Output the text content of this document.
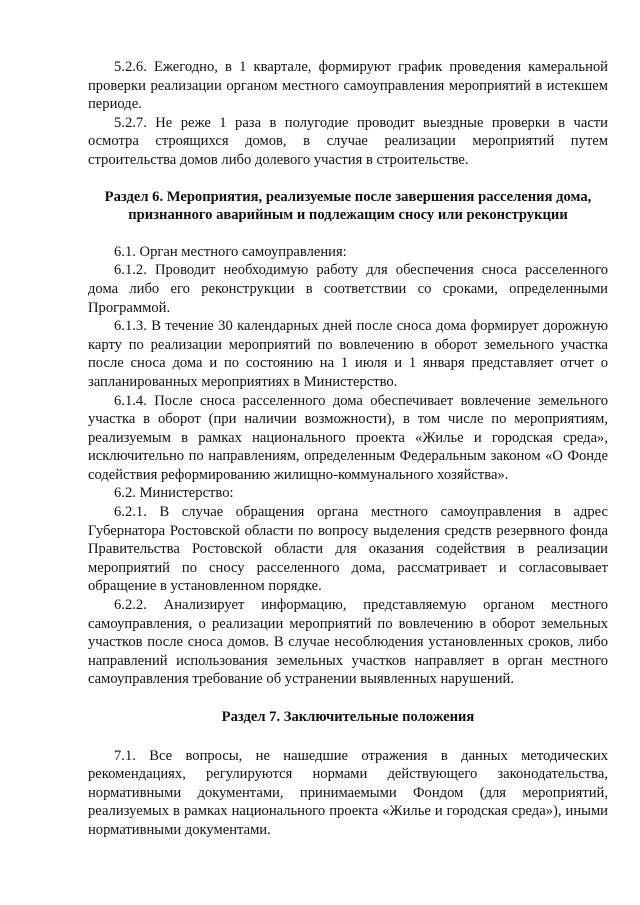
5.2.6. Ежегодно, в 1 квартале, формируют график проведения камеральной проверки реализации органом местного самоуправления мероприятий в истекшем периоде.

5.2.7. Не реже 1 раза в полугодие проводит выездные проверки в части осмотра строящихся домов, в случае реализации мероприятий путем строительства домов либо долевого участия в строительстве.

Раздел 6. Мероприятия, реализуемые после завершения расселения дома, признанного аварийным и подлежащим сносу или реконструкции

6.1. Орган местного самоуправления:

6.1.2. Проводит необходимую работу для обеспечения сноса расселенного дома либо его реконструкции в соответствии со сроками, определенными Программой.

6.1.3. В течение 30 календарных дней после сноса дома формирует дорожную карту по реализации мероприятий по вовлечению в оборот земельного участка после сноса дома и по состоянию на 1 июля и 1 января представляет отчет о запланированных мероприятиях в Министерство.

6.1.4. После сноса расселенного дома обеспечивает вовлечение земельного участка в оборот (при наличии возможности), в том числе по мероприятиям, реализуемым в рамках национального проекта «Жилье и городская среда», исключительно по направлениям, определенным Федеральным законом «О Фонде содействия реформированию жилищно-коммунального хозяйства».

6.2. Министерство:

6.2.1. В случае обращения органа местного самоуправления в адрес Губернатора Ростовской области по вопросу выделения средств резервного фонда Правительства Ростовской области для оказания содействия в реализации мероприятий по сносу расселенного дома, рассматривает и согласовывает обращение в установленном порядке.

6.2.2. Анализирует информацию, представляемую органом местного самоуправления, о реализации мероприятий по вовлечению в оборот земельных участков после сноса домов. В случае несоблюдения установленных сроков, либо направлений использования земельных участков направляет в орган местного самоуправления требование об устранении выявленных нарушений.

Раздел 7. Заключительные положения

7.1. Все вопросы, не нашедшие отражения в данных методических рекомендациях, регулируются нормами действующего законодательства, нормативными документами, принимаемыми Фондом (для мероприятий, реализуемых в рамках национального проекта «Жилье и городская среда»), иными нормативными документами.
